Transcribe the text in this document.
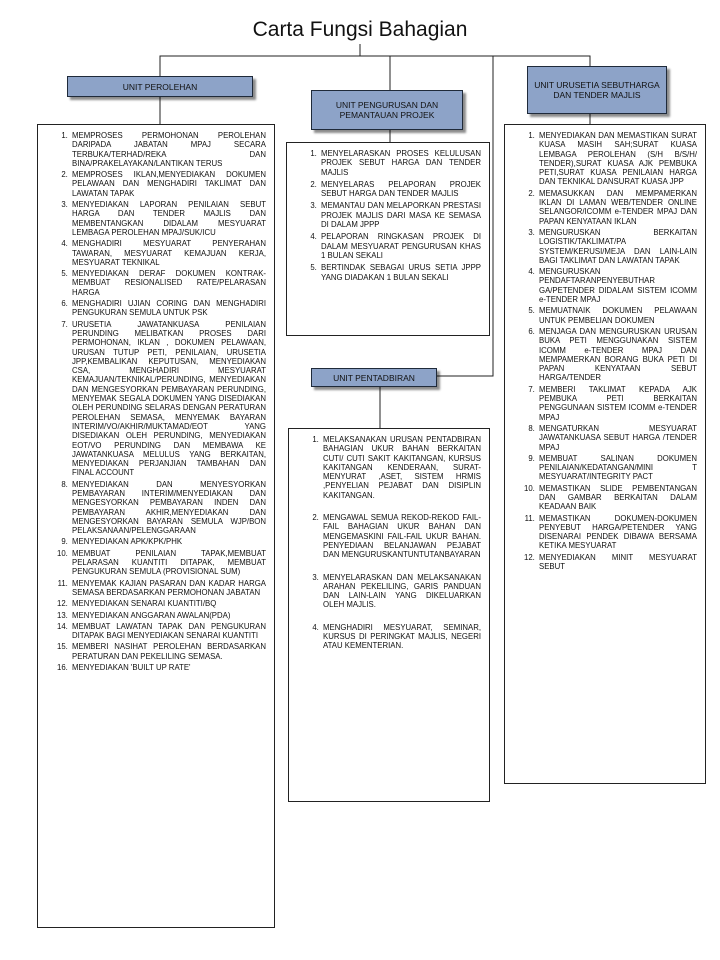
Carta Fungsi Bahagian
UNIT PEROLEHAN
UNIT PENGURUSAN DAN PEMANTAUAN PROJEK
UNIT PENTADBIRAN
UNIT URUSETIA SEBUTHARGA DAN TENDER MAJLIS
1. MEMPROSES PERMOHONAN PEROLEHAN DARIPADA JABATAN MPAJ SECARA TERBUKA/TERHAD/REKA DAN BINA/PRAKELAYAKAN/LANTIKAN TERUS
2. MEMPROSES IKLAN,MENYEDIAKAN DOKUMEN PELAWAAN DAN MENGHADIRI TAKLIMAT DAN LAWATAN TAPAK
3. MENYEDIAKAN LAPORAN PENILAIAN SEBUT HARGA DAN TENDER MAJLIS DAN MEMBENTANGKAN DIDALAM MESYUARAT LEMBAGA PEROLEHAN MPAJ/SUK/ICU
4. MENGHADIRI MESYUARAT PENYERAHAN TAWARAN, MESYUARAT KEMAJUAN KERJA, MESYUARAT TEKNIKAL
5. MENYEDIAKAN DERAF DOKUMEN KONTRAK-MEMBUAT RESIONALISED RATE/PELARASAN HARGA
6. MENGHADIRI UJIAN CORING DAN MENGHADIRI PENGUKURAN SEMULA UNTUK PSK
7. URUSETIA JAWATANKUASA PENILAIAN PERUNDING MELIBATKAN PROSES DARI PERMOHONAN, IKLAN , DOKUMEN PELAWAAN, URUSAN TUTUP PETI, PENILAIAN, URUSETIA JPP,KEMBALIKAN KEPUTUSAN, MENYEDIAKAN CSA, MENGHADIRI MESYUARAT KEMAJUAN/TEKNIKAL/PERUNDING, MENYEDIAKAN DAN MENGESYORKAN PEMBAYARAN PERUNDING, MENYEMAK SEGALA DOKUMEN YANG DISEDIAKAN OLEH PERUNDING SELARAS DENGAN PERATURAN PEROLEHAN SEMASA, MENYEMAK BAYARAN INTERIM/VO/AKHIR/MUKTAMAD/EOT YANG DISEDIAKAN OLEH PERUNDING, MENYEDIAKAN EOT/VO PERUNDING DAN MEMBAWA KE JAWATANKUASA MELULUS YANG BERKAITAN, MENYEDIAKAN PERJANJIAN TAMBAHAN DAN FINAL ACCOUNT
8. MENYEDIAKAN DAN MENYESYORKAN PEMBAYARAN INTERIM/MENYEDIAKAN DAN MENGESYORKAN PEMBAYARAN INDEN DAN PEMBAYARAN AKHIR,MENYEDIAKAN DAN MENGESYORKAN BAYARAN SEMULA WJP/BON PELAKSANAAN/PELENGGARAAN
9. MENYEDIAKAN APK/KPK/PHK
10. MEMBUAT PENILAIAN TAPAK,MEMBUAT PELARASAN KUANTITI DITAPAK, MEMBUAT PENGUKURAN SEMULA (PROVISIONAL SUM)
11. MENYEMAK KAJIAN PASARAN DAN KADAR HARGA SEMASA BERDASARKAN PERMOHONAN JABATAN
12. MENYEDIAKAN SENARAI KUANTITI/BQ
13. MENYEDIAKAN ANGGARAN AWALAN(PDA)
14. MEMBUAT LAWATAN TAPAK DAN PENGUKURAN DITAPAK BAGI MENYEDIAKAN SENARAI KUANTITI
15. MEMBERI NASIHAT PEROLEHAN BERDASARKAN PERATURAN DAN PEKELILING SEMASA.
16. MENYEDIAKAN 'BUILT UP RATE'
1. MENYELARASKAN PROSES KELULUSAN PROJEK SEBUT HARGA DAN TENDER MAJLIS
2. MENYELARAS PELAPORAN PROJEK SEBUT HARGA DAN TENDER MAJLIS
3. MEMANTAU DAN MELAPORKAN PRESTASI PROJEK MAJLIS DARI MASA KE SEMASA DI DALAM JPPP
4. PELAPORAN RINGKASAN PROJEK DI DALAM MESYUARAT PENGURUSAN KHAS 1 BULAN SEKALI
5. BERTINDAK SEBAGAI URUS SETIA JPPP YANG DIADAKAN 1 BULAN SEKALI
1. MELAKSANAKAN URUSAN PENTADBIRAN BAHAGIAN UKUR BAHAN BERKAITAN CUTI/ CUTI SAKIT KAKITANGAN, KURSUS KAKITANGAN KENDERAAN, SURAT-MENYURAT ,ASET, SISTEM HRMIS ,PENYELIAN PEJABAT DAN DISIPLIN KAKITANGAN.
2. MENGAWAL SEMUA REKOD-REKOD FAIL-FAIL BAHAGIAN UKUR BAHAN DAN MENGEMASKINI FAIL-FAIL UKUR BAHAN. PENYEDIAAN BELANJAWAN PEJABAT DAN MENGURUSKANTUNTUTANBAYARAN
3. MENYELARASKAN DAN MELAKSANAKAN ARAHAN PEKELILING, GARIS PANDUAN DAN LAIN-LAIN YANG DIKELUARKAN OLEH MAJLIS.
4. MENGHADIRI MESYUARAT, SEMINAR, KURSUS DI PERINGKAT MAJLIS, NEGERI ATAU KEMENTERIAN.
1. MENYEDIAKAN DAN MEMASTIKAN SURAT KUASA MASIH SAH;SURAT KUASA LEMBAGA PEROLEHAN (S/H B/S/H/ TENDER),SURAT KUASA AJK PEMBUKA PETI,SURAT KUASA PENILAIAN HARGA DAN TEKNIKAL DANSURAT KUASA JPP
2. MEMASUKKAN DAN MEMPAMERKAN IKLAN DI LAMAN WEB/TENDER ONLINE SELANGOR/ICOMM e-TENDER MPAJ DAN PAPAN KENYATAAN IKLAN
3. MENGURUSKAN BERKAITAN LOGISTIK/TAKLIMAT/PA SYSTEM/KERUSI/MEJA DAN LAIN-LAIN BAGI TAKLIMAT DAN LAWATAN TAPAK
4. MENGURUSKAN PENDAFTARANPENYEBUTHAR GA/PETENDER DIDALAM SISTEM ICOMM e-TENDER MPAJ
5. MEMUATNAIK DOKUMEN PELAWAAN UNTUK PEMBELIAN DOKUMEN
6. MENJAGA DAN MENGURUSKAN URUSAN BUKA PETI MENGGUNAKAN SISTEM ICOMM e-TENDER MPAJ DAN MEMPAMERKAN BORANG BUKA PETI DI PAPAN KENYATAAN SEBUT HARGA/TENDER
7. MEMBERI TAKLIMAT KEPADA AJK PEMBUKA PETI BERKAITAN PENGGUNAAN SISTEM ICOMM e-TENDER MPAJ
8. MENGATURKAN MESYUARAT JAWATANKUASA SEBUT HARGA /TENDER MPAJ
9. MEMBUAT SALINAN DOKUMEN PENILAIAN/KEDATANGAN/MINI T MESYUARAT/INTEGRITY PACT
10. MEMASTIKAN SLIDE PEMBENTANGAN DAN GAMBAR BERKAITAN DALAM KEADAAN BAIK
11. MEMASTIKAN DOKUMEN-DOKUMEN PENYEBUT HARGA/PETENDER YANG DISENARAI PENDEK DIBAWA BERSAMA KETIKA MESYUARAT
12. MENYEDIAKAN MINIT MESYUARAT SEBUT
